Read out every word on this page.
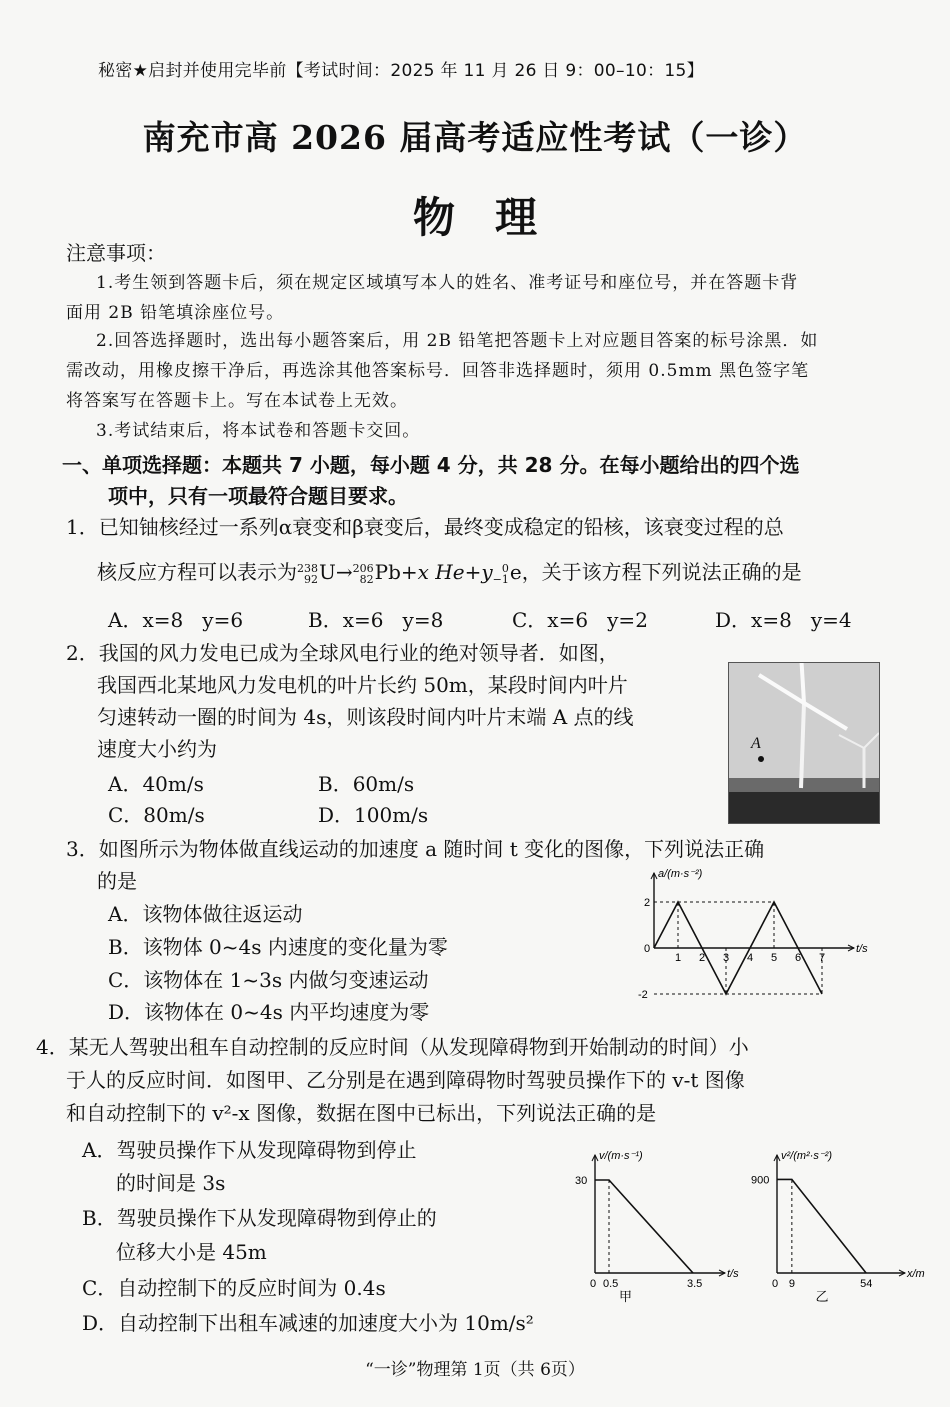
秘密★启封并使用完毕前【考试时间：2025 年 11 月 26 日 9：00–10：15】
南充市高 2026 届高考适应性考试（一诊）
物理
注意事项：
1.考生领到答题卡后，须在规定区域填写本人的姓名、准考证号和座位号，并在答题卡背
面用 2B 铅笔填涂座位号。
2.回答选择题时，选出每小题答案后，用 2B 铅笔把答题卡上对应题目答案的标号涂黑．如
需改动，用橡皮擦干净后，再选涂其他答案标号．回答非选择题时，须用 0.5mm 黑色签字笔
将答案写在答题卡上。写在本试卷上无效。
3.考试结束后，将本试卷和答题卡交回。
一、单项选择题：本题共 7 小题，每小题 4 分，共 28 分。在每小题给出的四个选
项中，只有一项最符合题目要求。
1．已知铀核经过一系列α衰变和β衰变后，最终变成稳定的铅核，该衰变过程的总
核反应方程可以表示为 238
92 U→ 206
82 Pb+x He+y 0
−1 e，关于该方程下列说法正确的是
A．x=8   y=6	B．x=6   y=8	C．x=6   y=2	D．x=8   y=4
2．我国的风力发电已成为全球风电行业的绝对领导者．如图，
我国西北某地风力发电机的叶片长约 50m，某段时间内叶片
匀速转动一圈的时间为 4s，则该段时间内叶片末端 A 点的线
速度大小约为
A．40m/s	B．60m/s
C．80m/s	D．100m/s
A
3．如图所示为物体做直线运动的加速度 a 随时间 t 变化的图像，下列说法正确
的是
A．该物体做往返运动
B．该物体 0~4s 内速度的变化量为零
C．该物体在 1~3s 内做匀变速运动
D．该物体在 0~4s 内平均速度为零
t/s
a/(m·s⁻²)
1 2 3 4 5 6 7
2
0
-2
4．某无人驾驶出租车自动控制的反应时间（从发现障碍物到开始制动的时间）小
于人的反应时间．如图甲、乙分别是在遇到障碍物时驾驶员操作下的 v-t 图像
和自动控制下的 v²-x 图像，数据在图中已标出，下列说法正确的是
A．驾驶员操作下从发现障碍物到停止
的时间是 3s
B．驾驶员操作下从发现障碍物到停止的
位移大小是 45m
C．自动控制下的反应时间为 0.4s
D．自动控制下出租车减速的加速度大小为 10m/s²
t/s
v/(m·s⁻¹)
30
0 0.5	3.5
甲
x/m
v²/(m²·s⁻²)
900
0 9	54
乙
“一诊”物理第 1页（共 6页）
